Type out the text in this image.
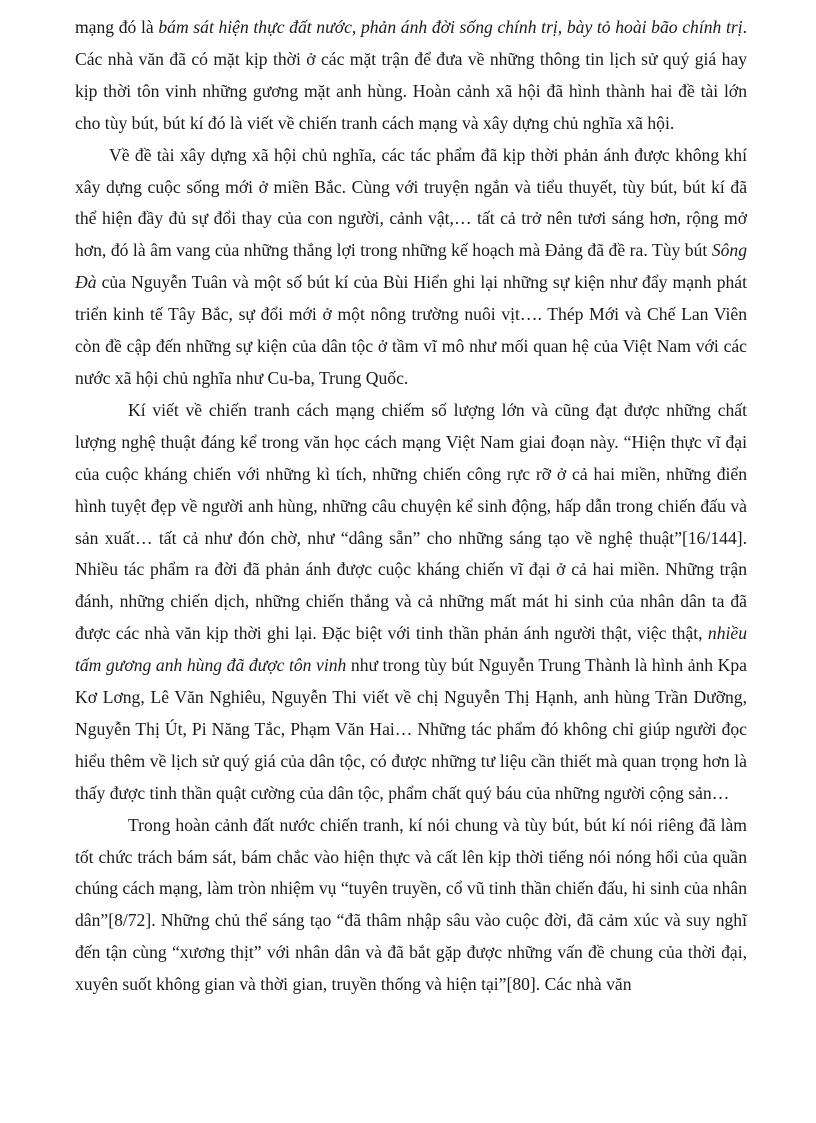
mạng đó là bám sát hiện thực đất nước, phản ánh đời sống chính trị, bày tỏ hoài bão chính trị. Các nhà văn đã có mặt kịp thời ở các mặt trận để đưa về những thông tin lịch sử quý giá hay kịp thời tôn vinh những gương mặt anh hùng. Hoàn cảnh xã hội đã hình thành hai đề tài lớn cho tùy bút, bút kí đó là viết về chiến tranh cách mạng và xây dựng chủ nghĩa xã hội.

Về đề tài xây dựng xã hội chủ nghĩa, các tác phẩm đã kịp thời phản ánh được không khí xây dựng cuộc sống mới ở miền Bắc. Cùng với truyện ngắn và tiểu thuyết, tùy bút, bút kí đã thể hiện đầy đủ sự đổi thay của con người, cảnh vật,… tất cả trở nên tươi sáng hơn, rộng mở hơn, đó là âm vang của những thắng lợi trong những kế hoạch mà Đảng đã đề ra. Tùy bút Sông Đà của Nguyễn Tuân và một số bút kí của Bùi Hiển ghi lại những sự kiện như đẩy mạnh phát triển kinh tế Tây Bắc, sự đổi mới ở một nông trường nuôi vịt…. Thép Mới và Chế Lan Viên còn đề cập đến những sự kiện của dân tộc ở tầm vĩ mô như mối quan hệ của Việt Nam với các nước xã hội chủ nghĩa như Cu-ba, Trung Quốc.

Kí viết về chiến tranh cách mạng chiếm số lượng lớn và cũng đạt được những chất lượng nghệ thuật đáng kể trong văn học cách mạng Việt Nam giai đoạn này. “Hiện thực vĩ đại của cuộc kháng chiến với những kì tích, những chiến công rực rỡ ở cả hai miền, những điển hình tuyệt đẹp về người anh hùng, những câu chuyện kể sinh động, hấp dẫn trong chiến đấu và sản xuất… tất cả như đón chờ, như “dâng sẵn” cho những sáng tạo về nghệ thuật”[16/144]. Nhiều tác phẩm ra đời đã phản ánh được cuộc kháng chiến vĩ đại ở cả hai miền. Những trận đánh, những chiến dịch, những chiến thắng và cả những mất mát hi sinh của nhân dân ta đã được các nhà văn kịp thời ghi lại. Đặc biệt với tinh thần phản ánh người thật, việc thật, nhiều tấm gương anh hùng đã được tôn vinh như trong tùy bút Nguyễn Trung Thành là hình ảnh Kpa Kơ Lơng, Lê Văn Nghiêu, Nguyễn Thi viết về chị Nguyễn Thị Hạnh, anh hùng Trần Dưỡng, Nguyễn Thị Út, Pi Năng Tắc, Phạm Văn Hai… Những tác phẩm đó không chỉ giúp người đọc hiểu thêm về lịch sử quý giá của dân tộc, có được những tư liệu cần thiết mà quan trọng hơn là thấy được tinh thần quật cường của dân tộc, phẩm chất quý báu của những người cộng sản…

Trong hoàn cảnh đất nước chiến tranh, kí nói chung và tùy bút, bút kí nói riêng đã làm tốt chức trách bám sát, bám chắc vào hiện thực và cất lên kịp thời tiếng nói nóng hổi của quần chúng cách mạng, làm tròn nhiệm vụ “tuyên truyền, cổ vũ tinh thần chiến đấu, hi sinh của nhân dân”[8/72]. Những chủ thể sáng tạo “đã thâm nhập sâu vào cuộc đời, đã cảm xúc và suy nghĩ đến tận cùng “xương thịt” với nhân dân và đã bắt gặp được những vấn đề chung của thời đại, xuyên suốt không gian và thời gian, truyền thống và hiện tại”[80]. Các nhà văn
